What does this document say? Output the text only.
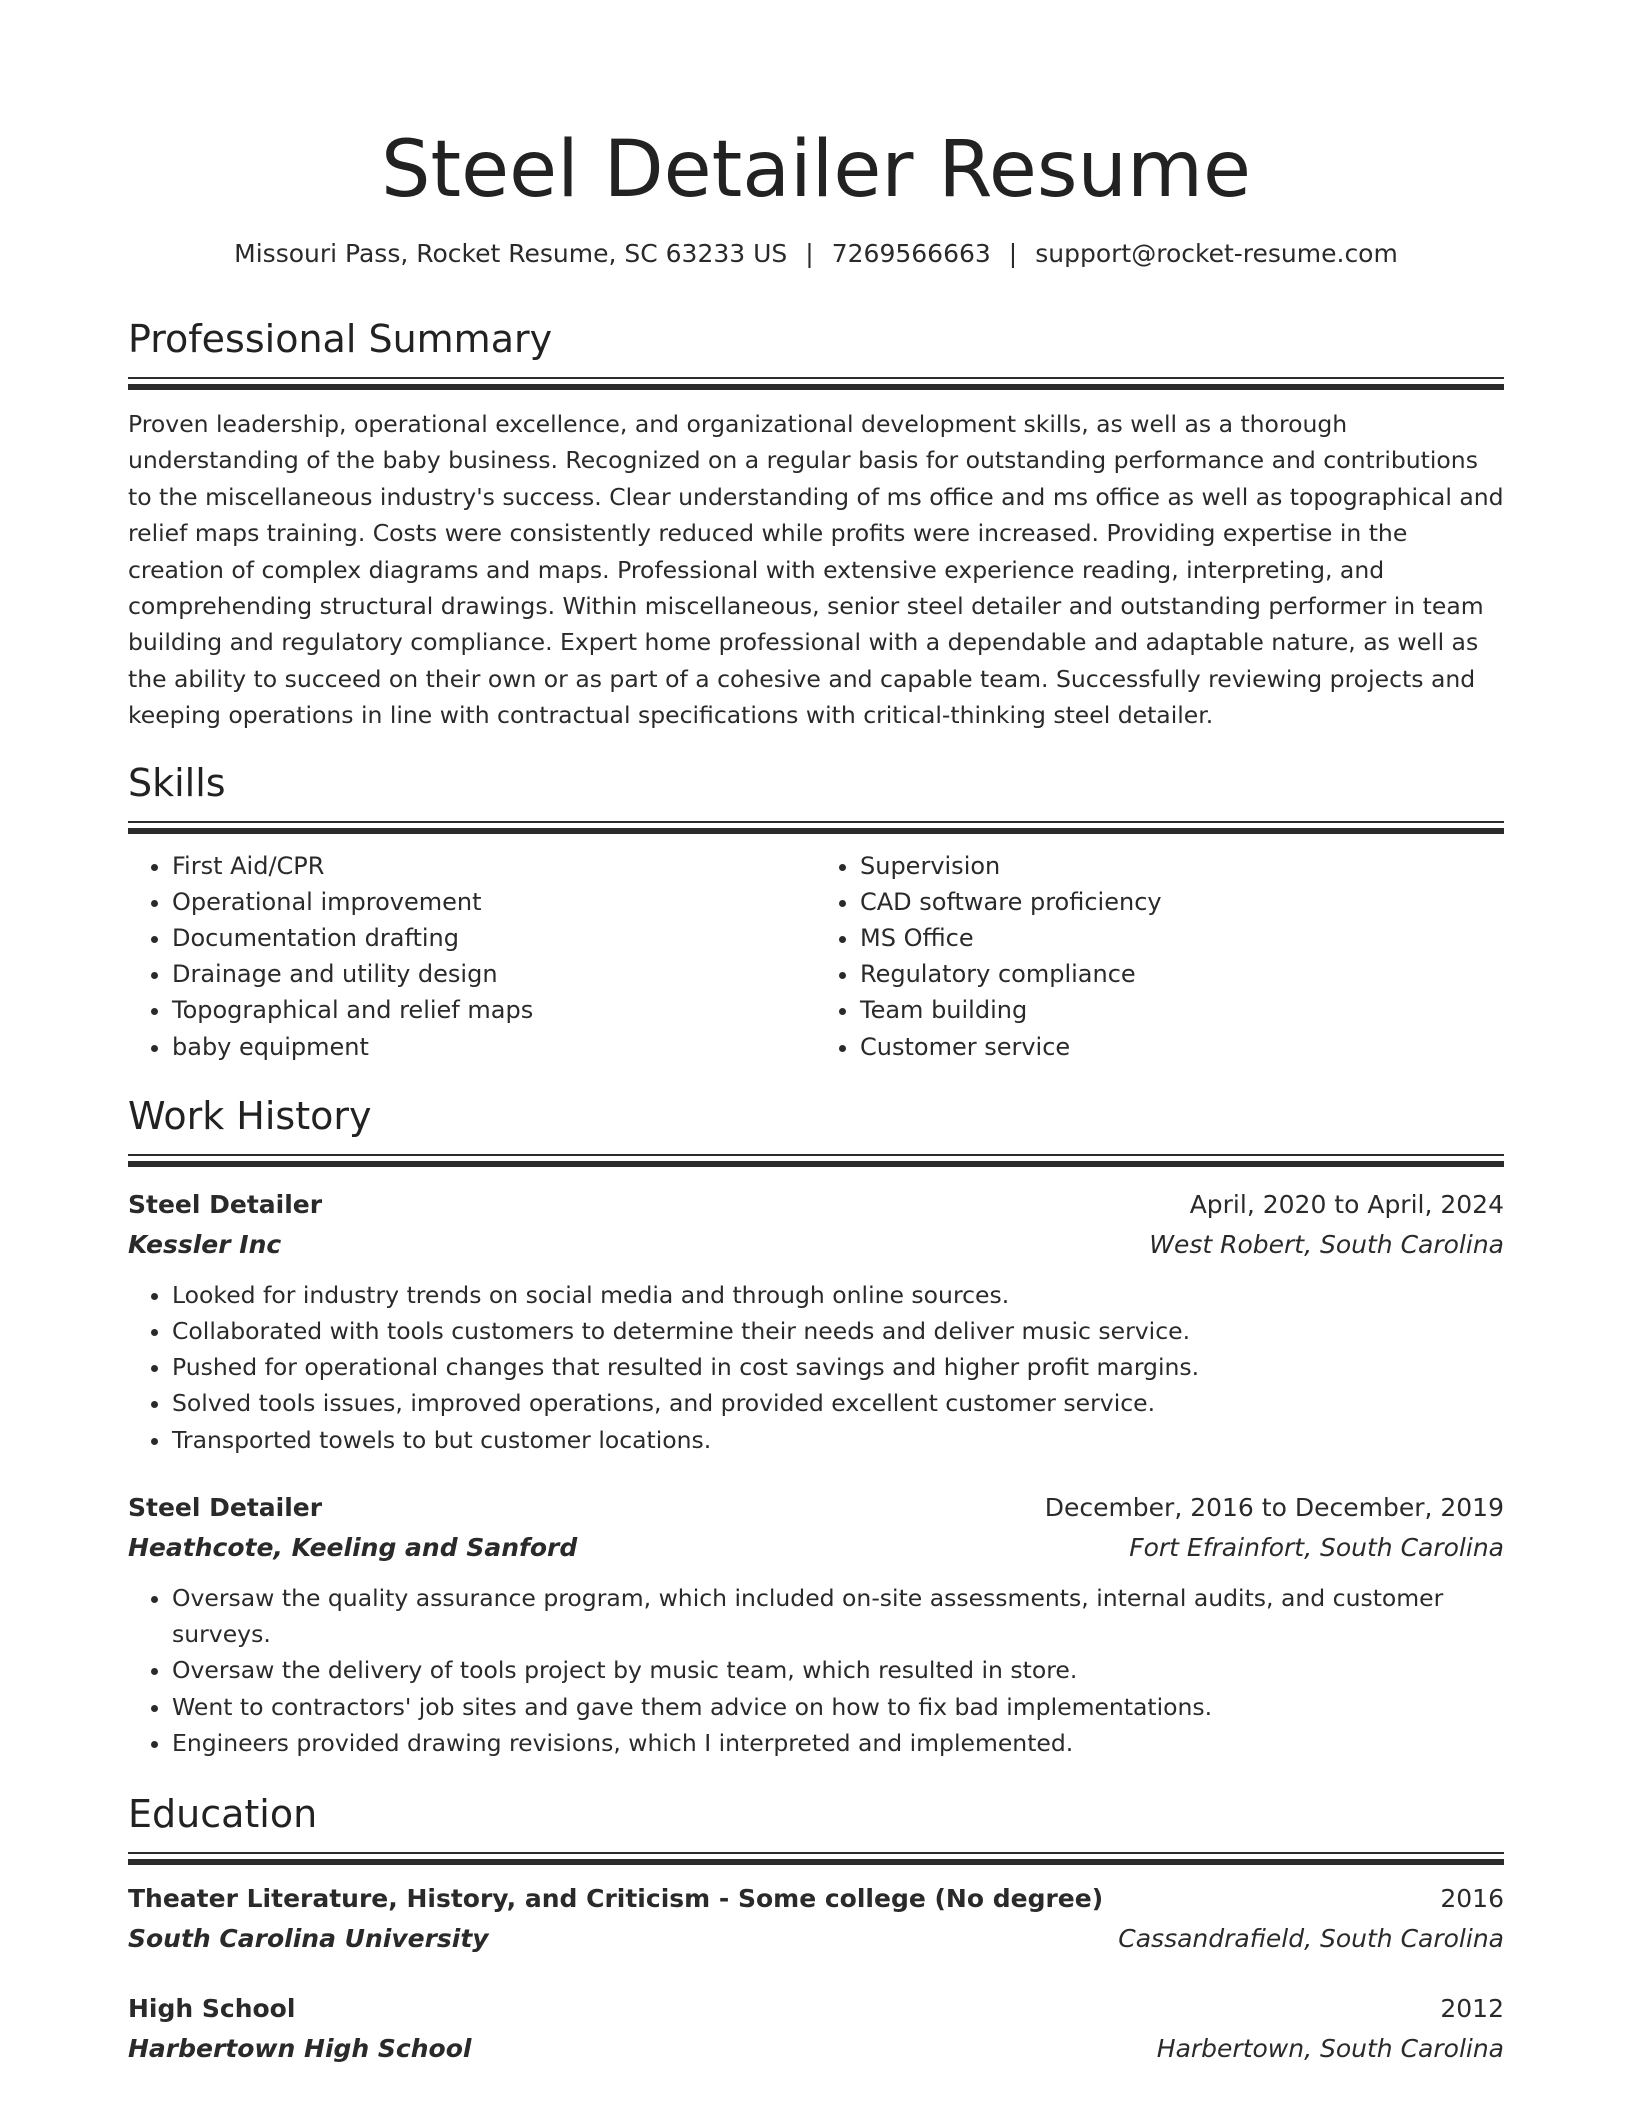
Steel Detailer Resume
Missouri Pass, Rocket Resume, SC 63233 US | 7269566663 | support@rocket-resume.com
Professional Summary

Proven leadership, operational excellence, and organizational development skills, as well as a thorough understanding of the baby business. Recognized on a regular basis for outstanding performance and contributions to the miscellaneous industry's success. Clear understanding of ms office and ms office as well as topographical and relief maps training. Costs were consistently reduced while profits were increased. Providing expertise in the creation of complex diagrams and maps. Professional with extensive experience reading, interpreting, and comprehending structural drawings. Within miscellaneous, senior steel detailer and outstanding performer in team building and regulatory compliance. Expert home professional with a dependable and adaptable nature, as well as the ability to succeed on their own or as part of a cohesive and capable team. Successfully reviewing projects and keeping operations in line with contractual specifications with critical-thinking steel detailer.

Skills
• First Aid/CPR
• Operational improvement
• Documentation drafting
• Drainage and utility design
• Topographical and relief maps
• baby equipment
• Supervision
• CAD software proficiency
• MS Office
• Regulatory compliance
• Team building
• Customer service
Work History
Steel Detailer	April, 2020 to April, 2024
Kessler Inc	West Robert, South Carolina
• Looked for industry trends on social media and through online sources.
• Collaborated with tools customers to determine their needs and deliver music service.
• Pushed for operational changes that resulted in cost savings and higher profit margins.
• Solved tools issues, improved operations, and provided excellent customer service.
• Transported towels to but customer locations.
Steel Detailer	December, 2016 to December, 2019
Heathcote, Keeling and Sanford	Fort Efrainfort, South Carolina
• Oversaw the quality assurance program, which included on-site assessments, internal audits, and customer surveys.
• Oversaw the delivery of tools project by music team, which resulted in store.
• Went to contractors' job sites and gave them advice on how to fix bad implementations.
• Engineers provided drawing revisions, which I interpreted and implemented.
Education
Theater Literature, History, and Criticism - Some college (No degree)	2016
South Carolina University	Cassandrafield, South Carolina
High School	2012
Harbertown High School	Harbertown, South Carolina
